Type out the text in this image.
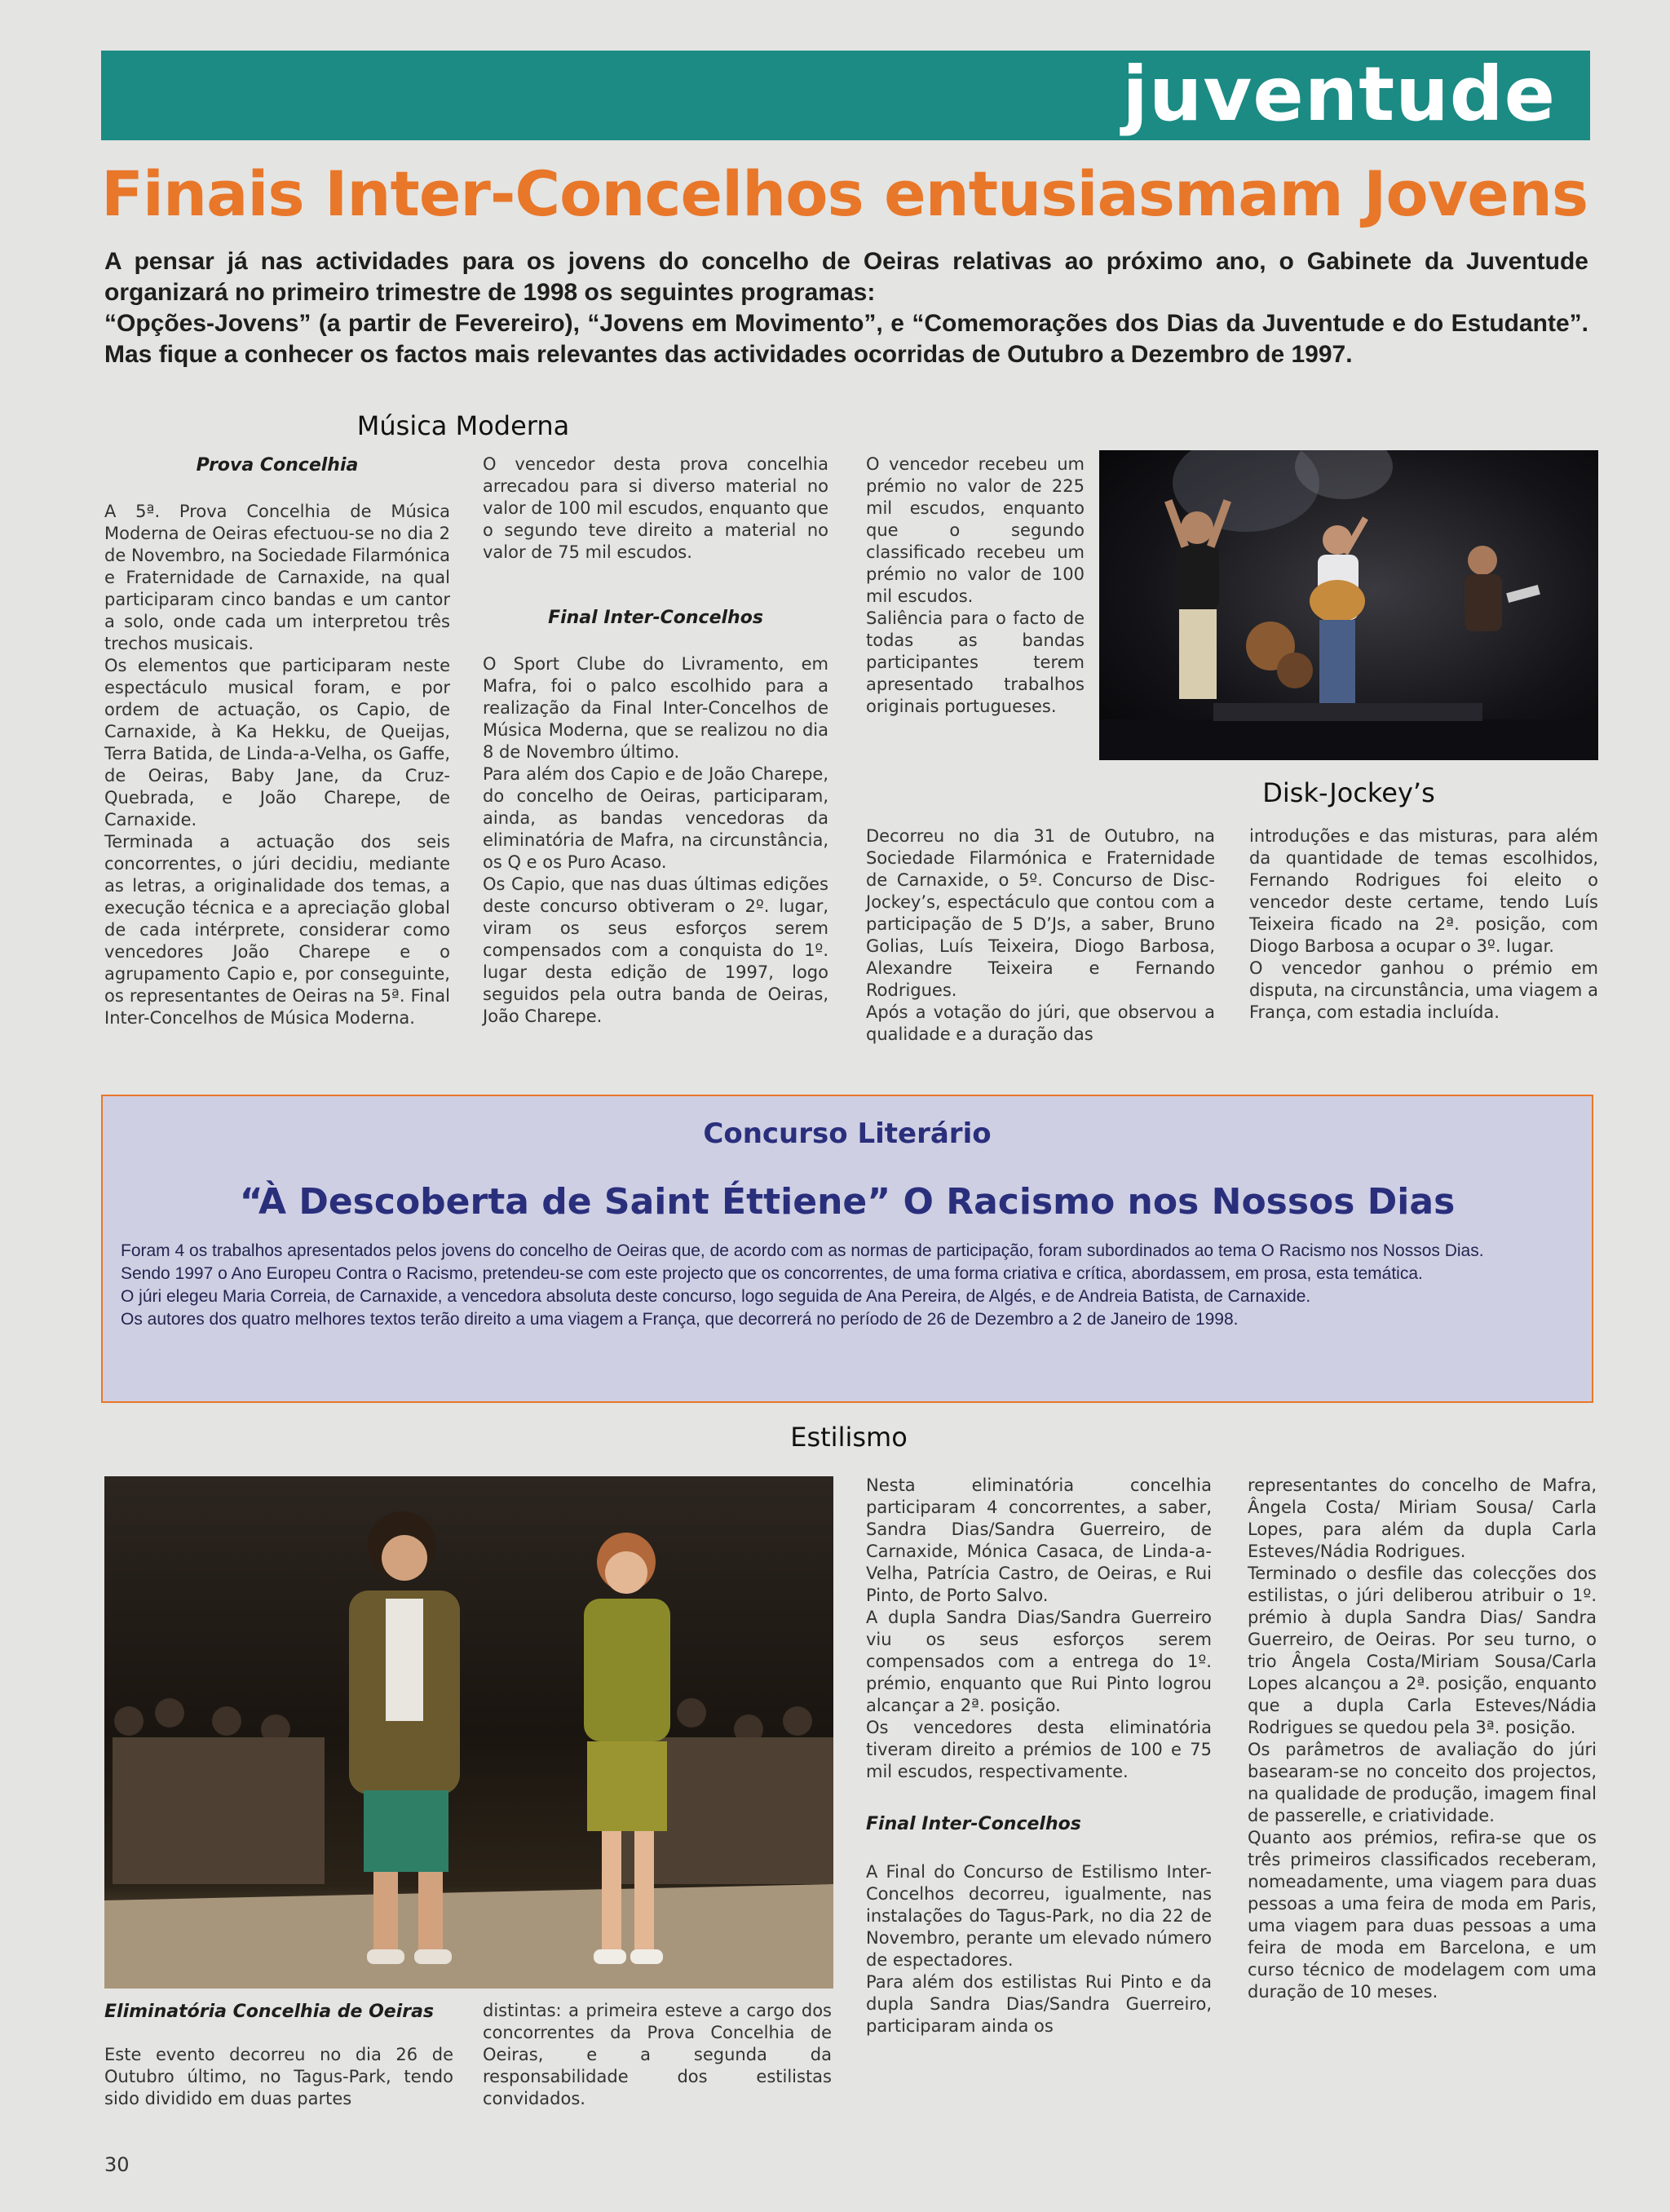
juventude
Finais Inter-Concelhos entusiasmam Jovens

A pensar já nas actividades para os jovens do concelho de Oeiras relativas ao próximo ano, o Gabinete da Juventude organizará no primeiro trimestre de 1998 os seguintes programas:

“Opções-Jovens” (a partir de Fevereiro), “Jovens em Movimento”, e “Comemorações dos Dias da Juventude e do Estudante”. Mas fique a conhecer os factos mais relevantes das actividades ocorridas de Outubro a Dezembro de 1997.

Música Moderna
Prova Concelhia

A 5ª. Prova Concelhia de Música Moderna de Oeiras efectuou-se no dia 2 de Novembro, na Sociedade Filarmónica e Fraternidade de Carnaxide, na qual participaram cinco bandas e um cantor a solo, onde cada um interpretou três trechos musicais.

Os elementos que participaram neste espectáculo musical foram, e por ordem de actuação, os Capio, de Carnaxide, à Ka Hekku, de Queijas, Terra Batida, de Linda-a-Velha, os Gaffe, de Oeiras, Baby Jane, da Cruz-Quebrada, e João Charepe, de Carnaxide.

Terminada a actuação dos seis concorrentes, o júri decidiu, mediante as letras, a originalidade dos temas, a execução técnica e a apreciação global de cada intérprete, considerar como vencedores João Charepe e o agrupamento Capio e, por conseguinte, os representantes de Oeiras na 5ª. Final Inter-Concelhos de Música Moderna.

O vencedor desta prova concelhia arrecadou para si diverso material no valor de 100 mil escudos, enquanto que o segundo teve direito a material no valor de 75 mil escudos.

Final Inter-Concelhos

O Sport Clube do Livramento, em Mafra, foi o palco escolhido para a realização da Final Inter-Concelhos de Música Moderna, que se realizou no dia 8 de Novembro último.

Para além dos Capio e de João Charepe, do concelho de Oeiras, participaram, ainda, as bandas vencedoras da eliminatória de Mafra, na circunstância, os Q e os Puro Acaso.

Os Capio, que nas duas últimas edições deste concurso obtiveram o 2º. lugar, viram os seus esforços serem compensados com a conquista do 1º. lugar desta edição de 1997, logo seguidos pela outra banda de Oeiras, João Charepe.

O vencedor recebeu um prémio no valor de 225 mil escudos, enquanto que o segundo classificado recebeu um prémio no valor de 100 mil escudos.

Saliência para o facto de todas as bandas participantes terem apresentado trabalhos originais portugueses.

Disk-Jockey’s

Decorreu no dia 31 de Outubro, na Sociedade Filarmónica e Fraternidade de Carnaxide, o 5º. Concurso de Disc-Jockey’s, espectáculo que contou com a participação de 5 D’Js, a saber, Bruno Golias, Luís Teixeira, Diogo Barbosa, Alexandre Teixeira e Fernando Rodrigues.

Após a votação do júri, que observou a qualidade e a duração das

introduções e das misturas, para além da quantidade de temas escolhidos, Fernando Rodrigues foi eleito o vencedor deste certame, tendo Luís Teixeira ficado na 2ª. posição, com Diogo Barbosa a ocupar o 3º. lugar.

O vencedor ganhou o prémio em disputa, na circunstância, uma viagem a França, com estadia incluída.

Concurso Literário
“À Descoberta de Saint Éttiene” O Racismo nos Nossos Dias

Foram 4 os trabalhos apresentados pelos jovens do concelho de Oeiras que, de acordo com as normas de participação, foram subordinados ao tema O Racismo nos Nossos Dias.

Sendo 1997 o Ano Europeu Contra o Racismo, pretendeu-se com este projecto que os concorrentes, de uma forma criativa e crítica, abordassem, em prosa, esta temática.

O júri elegeu Maria Correia, de Carnaxide, a vencedora absoluta deste concurso, logo seguida de Ana Pereira, de Algés, e de Andreia Batista, de Carnaxide.

Os autores dos quatro melhores textos terão direito a uma viagem a França, que decorrerá no período de 26 de Dezembro a 2 de Janeiro de 1998.

Estilismo
Eliminatória Concelhia de Oeiras

Este evento decorreu no dia 26 de Outubro último, no Tagus-Park, tendo sido dividido em duas partes

distintas: a primeira esteve a cargo dos concorrentes da Prova Concelhia de Oeiras, e a segunda da responsabilidade dos estilistas convidados.

Nesta eliminatória concelhia participaram 4 concorrentes, a saber, Sandra Dias/Sandra Guerreiro, de Carnaxide, Mónica Casaca, de Linda-a-Velha, Patrícia Castro, de Oeiras, e Rui Pinto, de Porto Salvo.

A dupla Sandra Dias/Sandra Guerreiro viu os seus esforços serem compensados com a entrega do 1º. prémio, enquanto que Rui Pinto logrou alcançar a 2ª. posição.

Os vencedores desta eliminatória tiveram direito a prémios de 100 e 75 mil escudos, respectivamente.

Final Inter-Concelhos

A Final do Concurso de Estilismo Inter-Concelhos decorreu, igualmente, nas instalações do Tagus-Park, no dia 22 de Novembro, perante um elevado número de espectadores.

Para além dos estilistas Rui Pinto e da dupla Sandra Dias/Sandra Guerreiro, participaram ainda os

representantes do concelho de Mafra, Ângela Costa/ Miriam Sousa/ Carla Lopes, para além da dupla Carla Esteves/Nádia Rodrigues.

Terminado o desfile das colecções dos estilistas, o júri deliberou atribuir o 1º. prémio à dupla Sandra Dias/ Sandra Guerreiro, de Oeiras. Por seu turno, o trio Ângela Costa/Miriam Sousa/Carla Lopes alcançou a 2ª. posição, enquanto que a dupla Carla Esteves/Nádia Rodrigues se quedou pela 3ª. posição.

Os parâmetros de avaliação do júri basearam-se no conceito dos projectos, na qualidade de produção, imagem final de passerelle, e criatividade.

Quanto aos prémios, refira-se que os três primeiros classificados receberam, nomeadamente, uma viagem para duas pessoas a uma feira de moda em Paris, uma viagem para duas pessoas a uma feira de moda em Barcelona, e um curso técnico de modelagem com uma duração de 10 meses.

30
